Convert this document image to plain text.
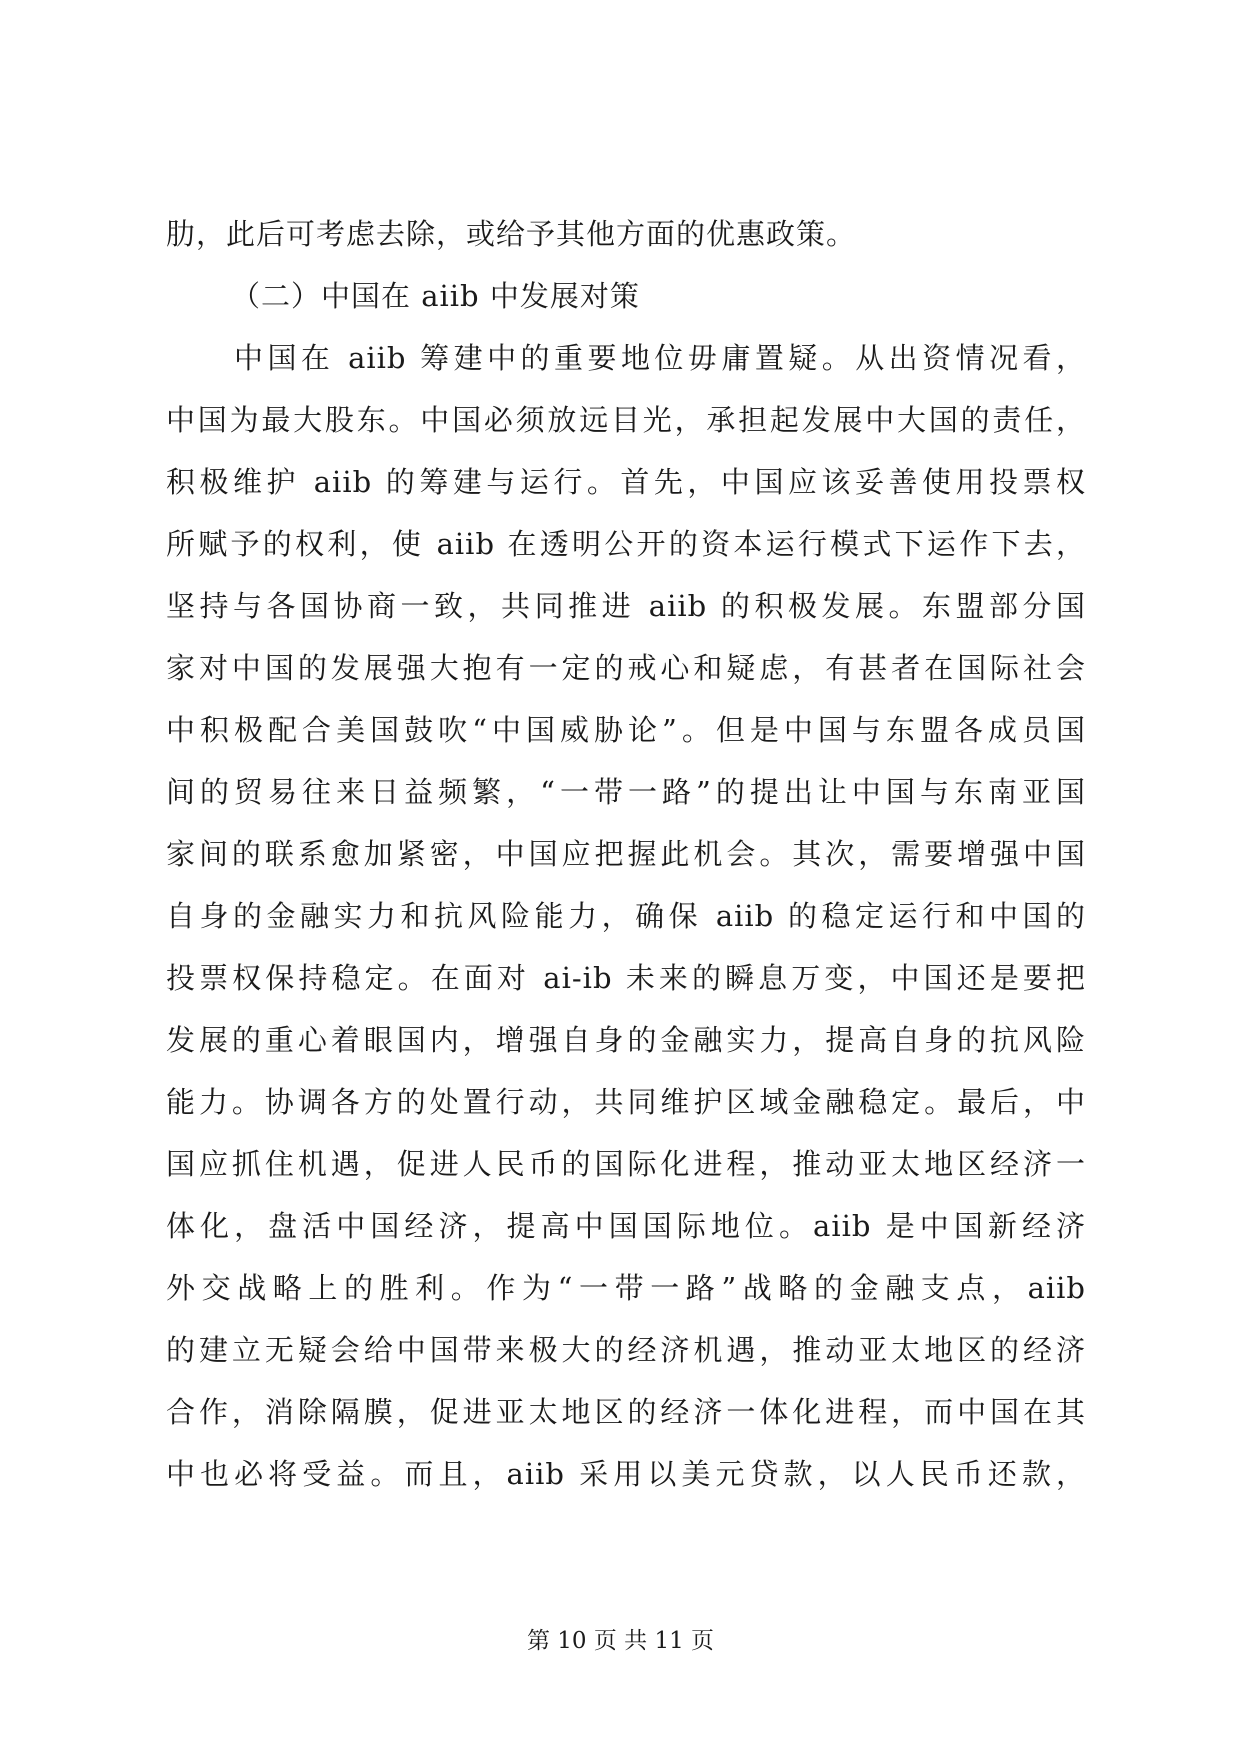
肋，此后可考虑去除，或给予其他方面的优惠政策。
（二）中国在 aiib 中发展对策
中国在 aiib 筹建中的重要地位毋庸置疑。从出资情况看，
中国为最大股东。中国必须放远目光，承担起发展中大国的责任，
积极维护 aiib 的筹建与运行。首先，中国应该妥善使用投票权
所赋予的权利，使 aiib 在透明公开的资本运行模式下运作下去，
坚持与各国协商一致，共同推进 aiib 的积极发展。东盟部分国
家对中国的发展强大抱有一定的戒心和疑虑，有甚者在国际社会
中积极配合美国鼓吹“中国威胁论”。但是中国与东盟各成员国
间的贸易往来日益频繁，“一带一路”的提出让中国与东南亚国
家间的联系愈加紧密，中国应把握此机会。其次，需要增强中国
自身的金融实力和抗风险能力，确保 aiib 的稳定运行和中国的
投票权保持稳定。在面对 ai-ib 未来的瞬息万变，中国还是要把
发展的重心着眼国内，增强自身的金融实力，提高自身的抗风险
能力。协调各方的处置行动，共同维护区域金融稳定。最后，中
国应抓住机遇，促进人民币的国际化进程，推动亚太地区经济一
体化，盘活中国经济，提高中国国际地位。aiib 是中国新经济
外交战略上的胜利。作为“一带一路”战略的金融支点，aiib
的建立无疑会给中国带来极大的经济机遇，推动亚太地区的经济
合作，消除隔膜，促进亚太地区的经济一体化进程，而中国在其
中也必将受益。而且，aiib 采用以美元贷款，以人民币还款，
第 10 页 共 11 页
